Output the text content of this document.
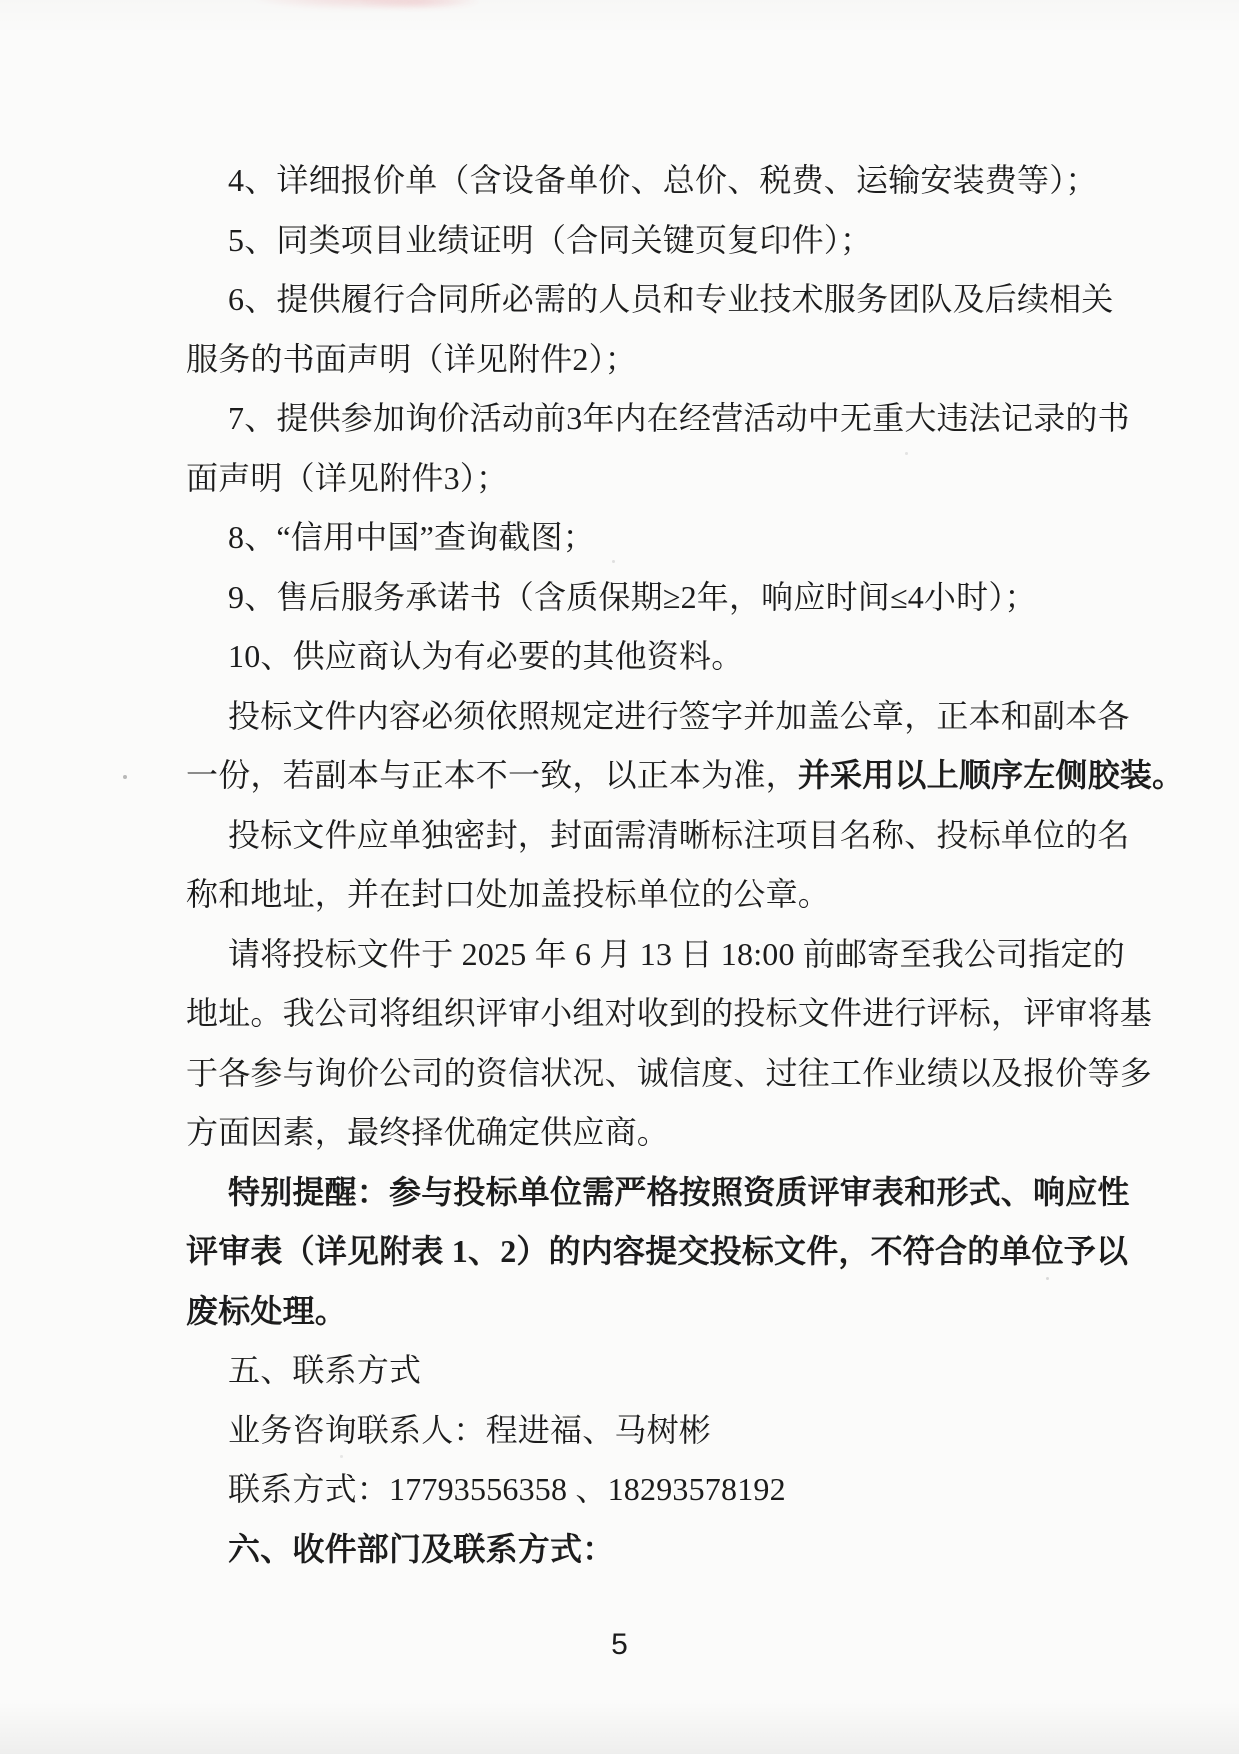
4、详细报价单（含设备单价、总价、税费、运输安装费等）；
5、同类项目业绩证明（合同关键页复印件）；
6、提供履行合同所必需的人员和专业技术服务团队及后续相关
服务的书面声明（详见附件2）；
7、提供参加询价活动前3年内在经营活动中无重大违法记录的书
面声明（详见附件3）；
8、“信用中国”查询截图；
9、售后服务承诺书（含质保期≥2年，响应时间≤4小时）；
10、供应商认为有必要的其他资料。
投标文件内容必须依照规定进行签字并加盖公章，正本和副本各
一份，若副本与正本不一致，以正本为准，并采用以上顺序左侧胶装。
投标文件应单独密封，封面需清晰标注项目名称、投标单位的名
称和地址，并在封口处加盖投标单位的公章。
请将投标文件于 2025 年 6 月 13 日 18:00 前邮寄至我公司指定的
地址。我公司将组织评审小组对收到的投标文件进行评标，评审将基
于各参与询价公司的资信状况、诚信度、过往工作业绩以及报价等多
方面因素，最终择优确定供应商。
特别提醒：参与投标单位需严格按照资质评审表和形式、响应性
评审表（详见附表 1、2）的内容提交投标文件，不符合的单位予以
废标处理。
五、联系方式
业务咨询联系人：程进福、马树彬
联系方式：17793556358 、18293578192
六、收件部门及联系方式：
5
